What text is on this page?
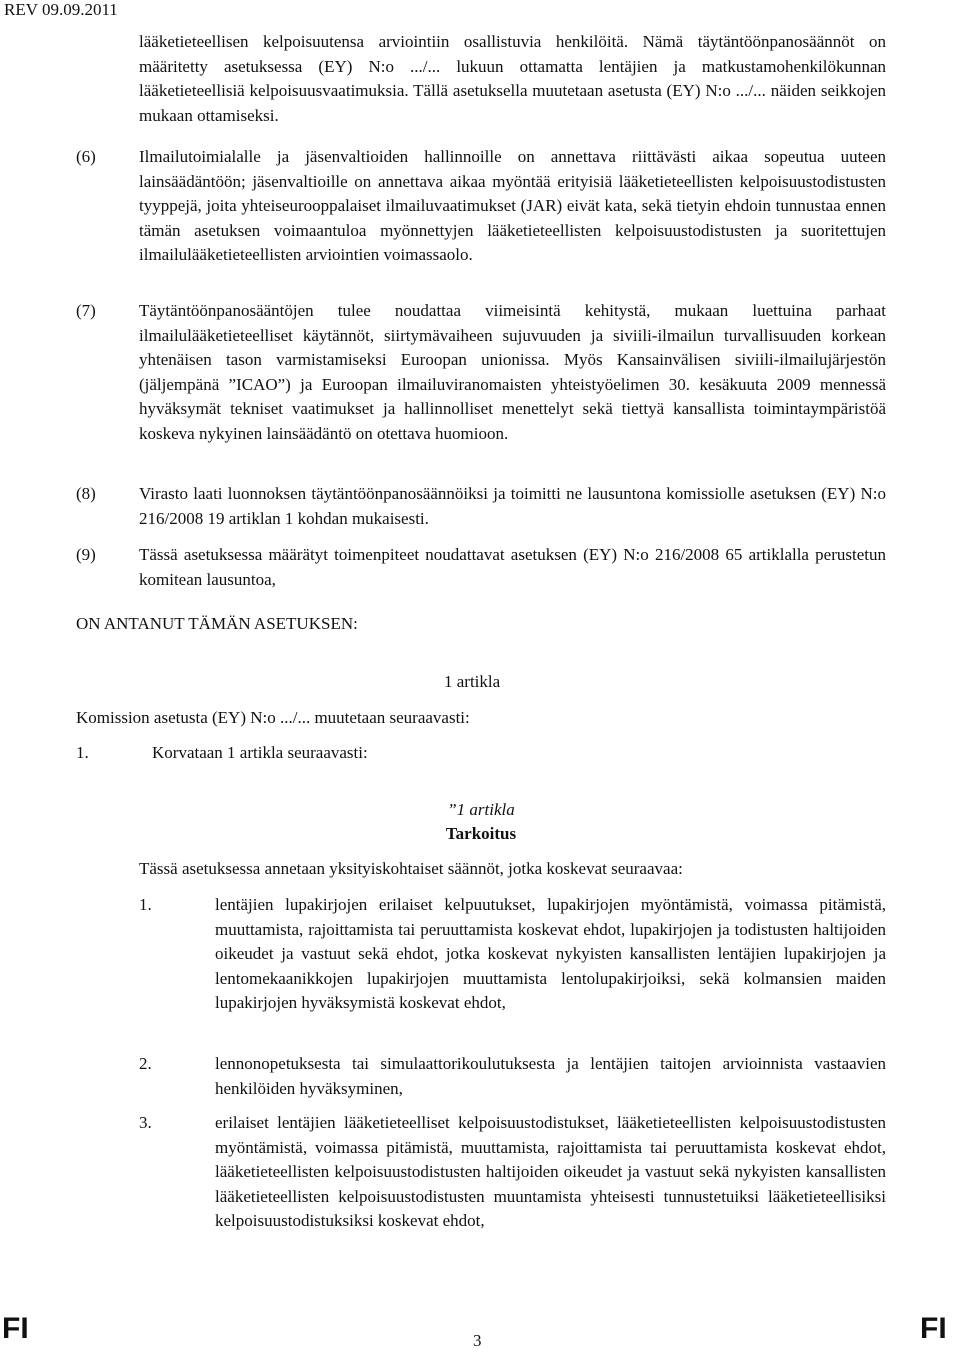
REV 09.09.2011
lääketieteellisen kelpoisuutensa arviointiin osallistuvia henkilöitä. Nämä täytäntöönpanosäännöt on määritetty asetuksessa (EY) N:o .../... lukuun ottamatta lentäjien ja matkustamohenkilökunnan lääketieteellisiä kelpoisuusvaatimuksia. Tällä asetuksella muutetaan asetusta (EY) N:o .../... näiden seikkojen mukaan ottamiseksi.
(6)	Ilmailutoimialalle ja jäsenvaltioiden hallinnoille on annettava riittävästi aikaa sopeutua uuteen lainsäädäntöön; jäsenvaltioille on annettava aikaa myöntää erityisiä lääketieteellisten kelpoisuustodistusten tyyppejä, joita yhteiseurooppalaiset ilmailuvaatimukset (JAR) eivät kata, sekä tietyin ehdoin tunnustaa ennen tämän asetuksen voimaantuloa myönnettyjen lääketieteellisten kelpoisuustodistusten ja suoritettujen ilmailulääketieteellisten arviointien voimassaolo.
(7)	Täytäntöönpanosääntöjen tulee noudattaa viimeisintä kehitystä, mukaan luettuina parhaat ilmailulääketieteelliset käytännöt, siirtymävaiheen sujuvuuden ja siviili-ilmailun turvallisuuden korkean yhtenäisen tason varmistamiseksi Euroopan unionissa. Myös Kansainvälisen siviili-ilmailujärjestön (jäljempänä ”ICAO”) ja Euroopan ilmailuviranomaisten yhteistyöelimen 30. kesäkuuta 2009 mennessä hyväksymät tekniset vaatimukset ja hallinnolliset menettelyt sekä tiettyä kansallista toimintaympäristöä koskeva nykyinen lainsäädäntö on otettava huomioon.
(8)	Virasto laati luonnoksen täytäntöönpanosäännöiksi ja toimitti ne lausuntona komissiolle asetuksen (EY) N:o 216/2008 19 artiklan 1 kohdan mukaisesti.
(9)	Tässä asetuksessa määrätyt toimenpiteet noudattavat asetuksen (EY) N:o 216/2008 65 artiklalla perustetun komitean lausuntoa,
ON ANTANUT TÄMÄN ASETUKSEN:
1 artikla
Komission asetusta (EY) N:o .../... muutetaan seuraavasti:
1.	Korvataan 1 artikla seuraavasti:
”1 artikla
Tarkoitus
Tässä asetuksessa annetaan yksityiskohtaiset säännöt, jotka koskevat seuraavaa:
1.	lentäjien lupakirjojen erilaiset kelpuutukset, lupakirjojen myöntämistä, voimassa pitämistä, muuttamista, rajoittamista tai peruuttamista koskevat ehdot, lupakirjojen ja todistusten haltijoiden oikeudet ja vastuut sekä ehdot, jotka koskevat nykyisten kansallisten lentäjien lupakirjojen ja lentomekaanikkojen lupakirjojen muuttamista lentolupakirjoiksi, sekä kolmansien maiden lupakirjojen hyväksymistä koskevat ehdot,
2.	lennonopetuksesta tai simulaattorikoulutuksesta ja lentäjien taitojen arvioinnista vastaavien henkilöiden hyväksyminen,
3.	erilaiset lentäjien lääketieteelliset kelpoisuustodistukset, lääketieteellisten kelpoisuustodistusten myöntämistä, voimassa pitämistä, muuttamista, rajoittamista tai peruuttamista koskevat ehdot, lääketieteellisten kelpoisuustodistusten haltijoiden oikeudet ja vastuut sekä nykyisten kansallisten lääketieteellisten kelpoisuustodistusten muuntamista yhteisesti tunnustetuiksi lääketieteellisiksi kelpoisuustodistuksiksi koskevat ehdot,
FI	3	FI
